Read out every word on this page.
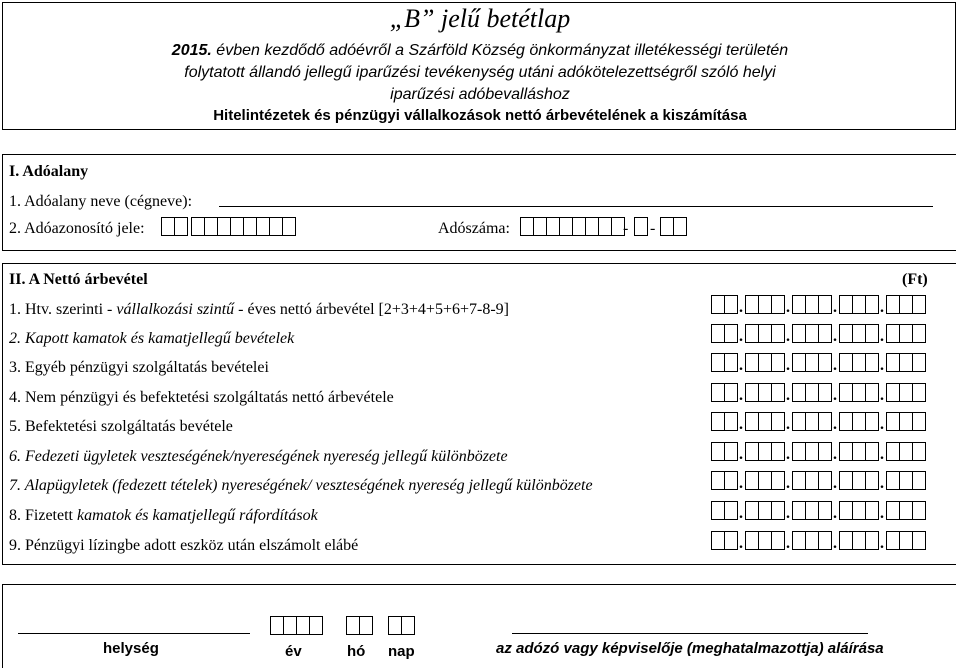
„B” jelű betétlap
2015. évben kezdődő adóévről a Szárföld Község önkormányzat illetékességi területén
folytatott állandó jellegű iparűzési tevékenység utáni adókötelezettségről szóló helyi
iparűzési adóbevalláshoz
Hitelintézetek és pénzügyi vállalkozások nettó árbevételének a kiszámítása
I. Adóalany
1. Adóalany neve (cégneve):
2. Adóazonosító jele:	Adószáma:	- -
II. A Nettó árbevétel	(Ft)
1. Htv. szerinti - vállalkozási szintű - éves nettó árbevétel [2+3+4+5+6+7-8-9]	.	.	.	.
2. Kapott kamatok és kamatjellegű bevételek	.	.	.	.
3. Egyéb pénzügyi szolgáltatás bevételei	.	.	.	.
4. Nem pénzügyi és befektetési szolgáltatás nettó árbevétele	.	.	.	.
5. Befektetési szolgáltatás bevétele	.	.	.	.
6. Fedezeti ügyletek veszteségének/nyereségének nyereség jellegű különbözete	.	.	.	.
7. Alapügyletek (fedezett tételek) nyereségének/ veszteségének nyereség jellegű különbözete	.	.	.	.
8. Fizetett kamatok és kamatjellegű ráfordítások	.	.	.	.
9. Pénzügyi lízingbe adott eszköz után elszámolt elábé	.	.	.	.
helység	év	hó nap	az adózó vagy képviselője (meghatalmazottja) aláírása
